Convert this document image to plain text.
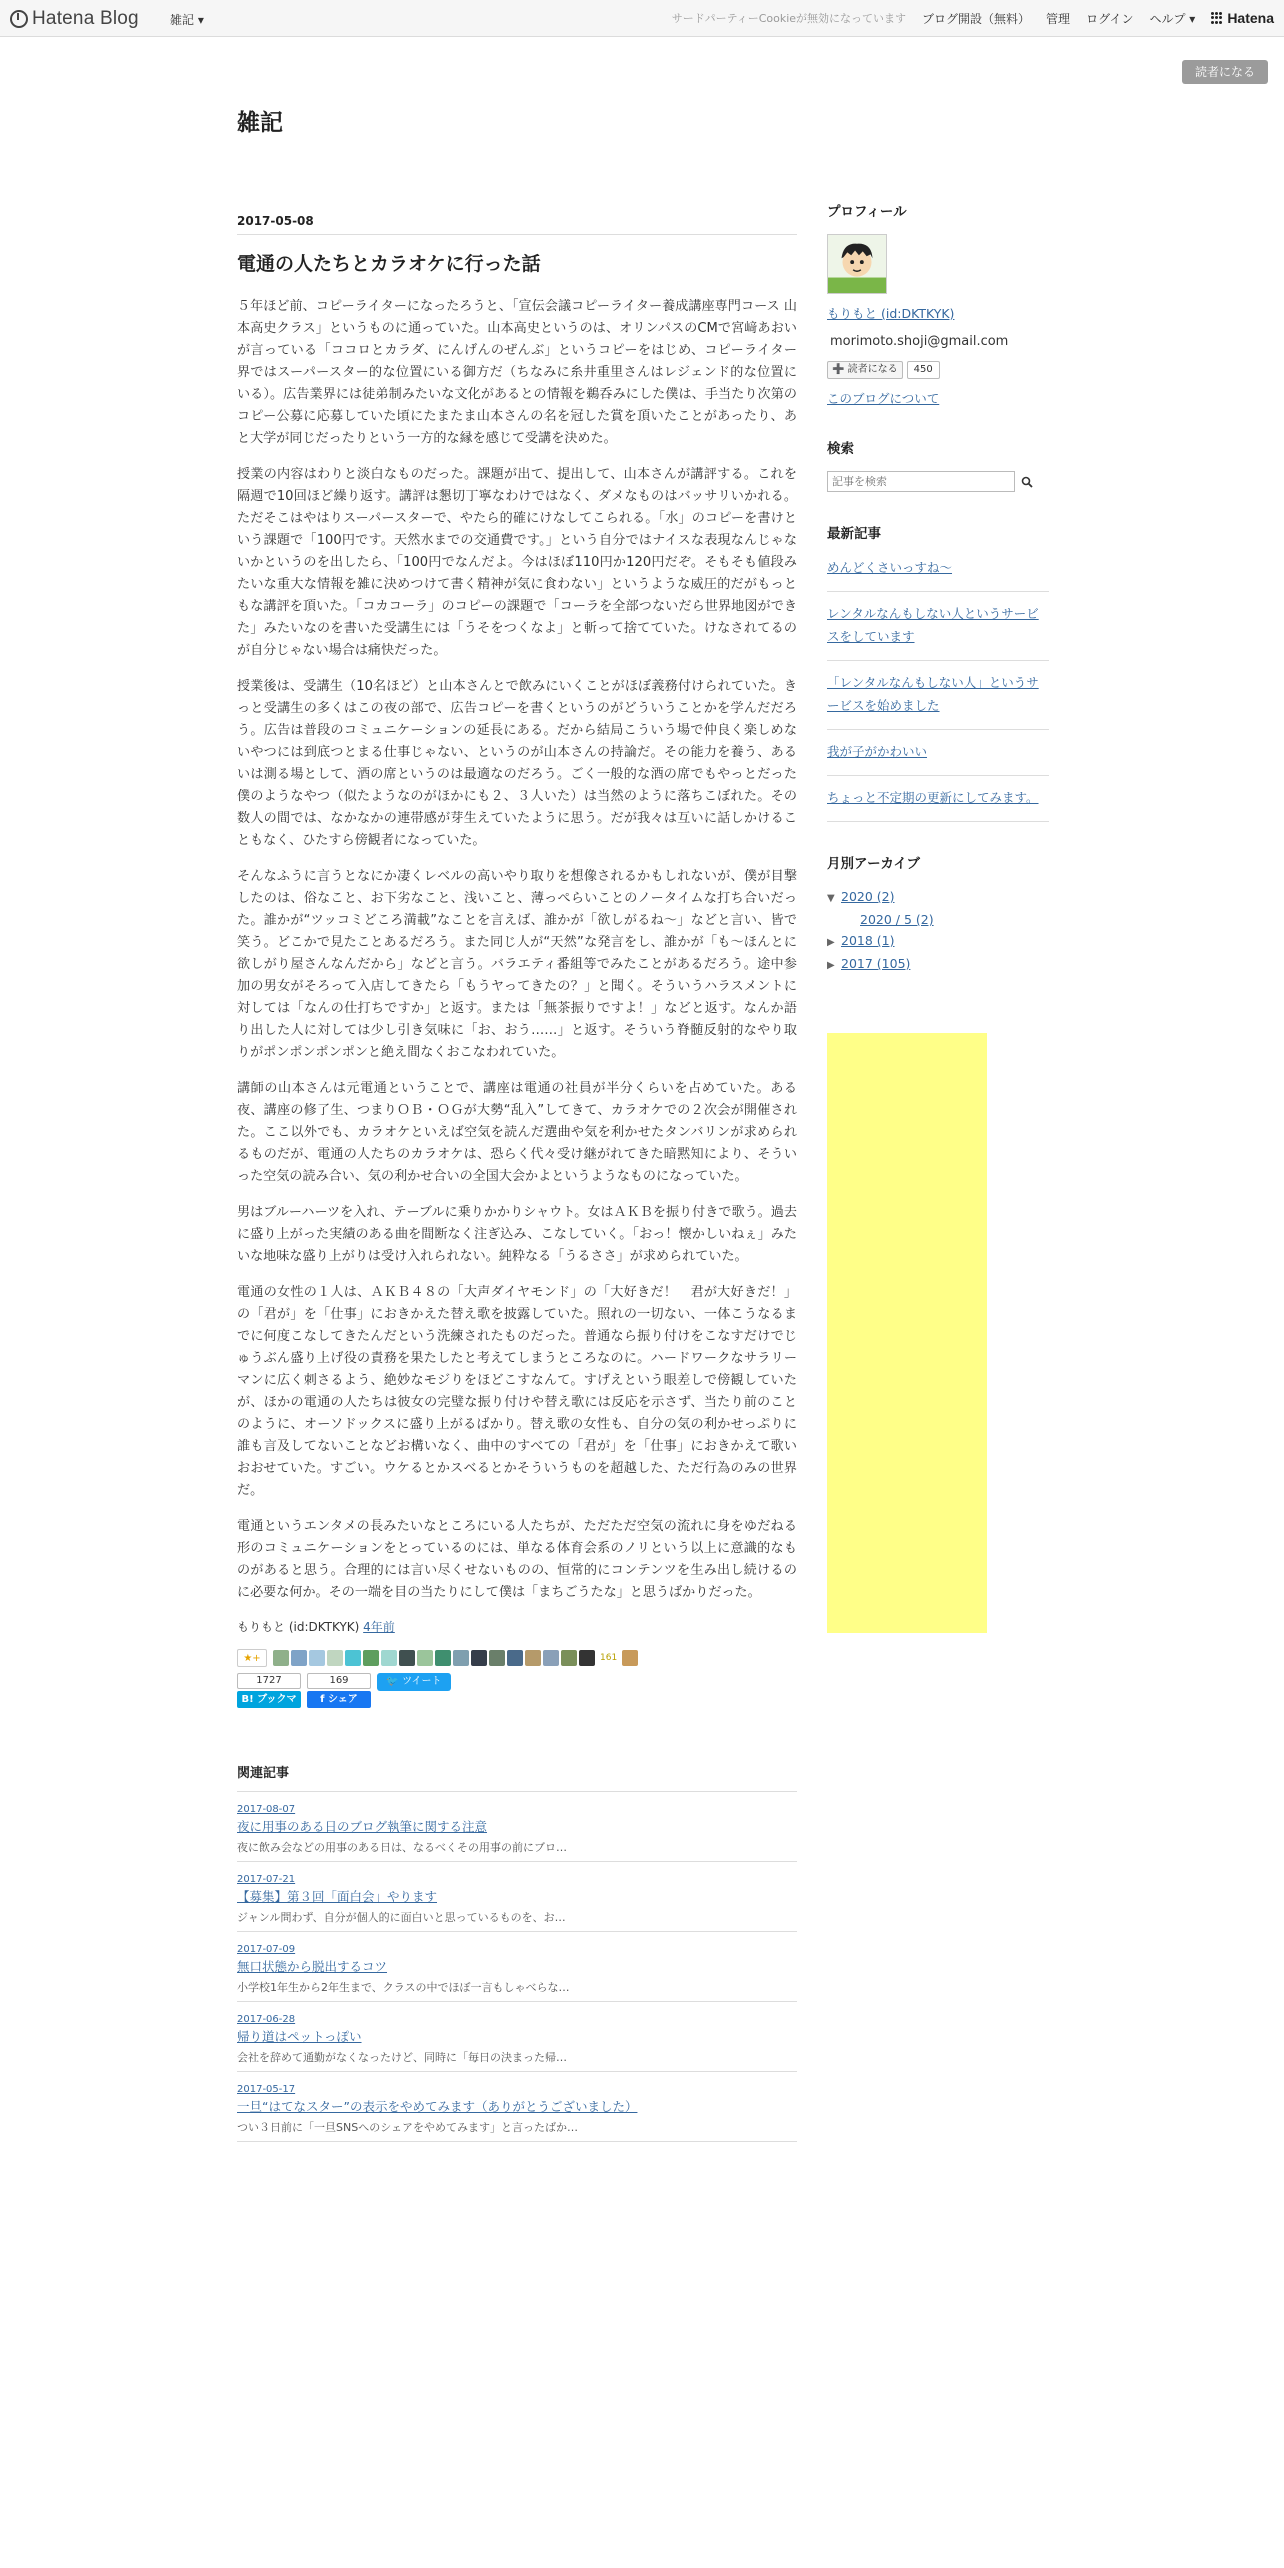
Hatena Blog	雑記 ▾	サードパーティーCookieが無効になっています ブログ開設（無料） 管理 ログイン ヘルプ ▾ Hatena
読者になる
雑記
2017-05-08
電通の人たちとカラオケに行った話

５年ほど前、コピーライターになったろうと、「宣伝会議コピーライター養成講座専門コース 山本高史クラス」というものに通っていた。山本高史というのは、オリンパスのCMで宮﨑あおいが言っている「ココロとカラダ、にんげんのぜんぶ」というコピーをはじめ、コピーライター界ではスーパースター的な位置にいる御方だ（ちなみに糸井重里さんはレジェンド的な位置にいる）。広告業界には徒弟制みたいな文化があるとの情報を鵜呑みにした僕は、手当たり次第のコピー公募に応募していた頃にたまたま山本さんの名を冠した賞を頂いたことがあったり、あと大学が同じだったりという一方的な縁を感じて受講を決めた。

授業の内容はわりと淡白なものだった。課題が出て、提出して、山本さんが講評する。これを隔週で10回ほど繰り返す。講評は懇切丁寧なわけではなく、ダメなものはバッサリいかれる。ただそこはやはりスーパースターで、やたら的確にけなしてこられる。「水」のコピーを書けという課題で「100円です。天然水までの交通費です。」という自分ではナイスな表現なんじゃないかというのを出したら、「100円でなんだよ。今はほぼ110円か120円だぞ。そもそも値段みたいな重大な情報を雑に決めつけて書く精神が気に食わない」というような威圧的だがもっともな講評を頂いた。「コカコーラ」のコピーの課題で「コーラを全部つないだら世界地図ができた」みたいなのを書いた受講生には「うそをつくなよ」と斬って捨てていた。けなされてるのが自分じゃない場合は痛快だった。

授業後は、受講生（10名ほど）と山本さんとで飲みにいくことがほぼ義務付けられていた。きっと受講生の多くはこの夜の部で、広告コピーを書くというのがどういうことかを学んだだろう。広告は普段のコミュニケーションの延長にある。だから結局こういう場で仲良く楽しめないやつには到底つとまる仕事じゃない、というのが山本さんの持論だ。その能力を養う、あるいは測る場として、酒の席というのは最適なのだろう。ごく一般的な酒の席でもやっとだった僕のようなやつ（似たようなのがほかにも２、３人いた）は当然のように落ちこぼれた。その数人の間では、なかなかの連帯感が芽生えていたように思う。だが我々は互いに話しかけることもなく、ひたすら傍観者になっていた。

そんなふうに言うとなにか凄くレベルの高いやり取りを想像されるかもしれないが、僕が目撃したのは、俗なこと、お下劣なこと、浅いこと、薄っぺらいことのノータイムな打ち合いだった。誰かが“ツッコミどころ満載”なことを言えば、誰かが「欲しがるね〜」などと言い、皆で笑う。どこかで見たことあるだろう。また同じ人が“天然”な発言をし、誰かが「も〜ほんとに欲しがり屋さんなんだから」などと言う。バラエティ番組等でみたことがあるだろう。途中参加の男女がそろって入店してきたら「もうヤってきたの？」と聞く。そういうハラスメントに対しては「なんの仕打ちですか」と返す。または「無茶振りですよ！」などと返す。なんか語り出した人に対しては少し引き気味に「お、おう……」と返す。そういう脊髄反射的なやり取りがポンポンポンポンと絶え間なくおこなわれていた。

講師の山本さんは元電通ということで、講座は電通の社員が半分くらいを占めていた。ある夜、講座の修了生、つまりＯＢ・ＯＧが大勢“乱入”してきて、カラオケでの２次会が開催された。ここ以外でも、カラオケといえば空気を読んだ選曲や気を利かせたタンバリンが求められるものだが、電通の人たちのカラオケは、恐らく代々受け継がれてきた暗黙知により、そういった空気の読み合い、気の利かせ合いの全国大会かよというようなものになっていた。

男はブルーハーツを入れ、テーブルに乗りかかりシャウト。女はＡＫＢを振り付きで歌う。過去に盛り上がった実績のある曲を間断なく注ぎ込み、こなしていく。「おっ！懐かしいねぇ」みたいな地味な盛り上がりは受け入れられない。純粋なる「うるささ」が求められていた。

電通の女性の１人は、ＡＫＢ４８の「大声ダイヤモンド」の「大好きだ！　君が大好きだ！」の「君が」を「仕事」におきかえた替え歌を披露していた。照れの一切ない、一体こうなるまでに何度こなしてきたんだという洗練されたものだった。普通なら振り付けをこなすだけでじゅうぶん盛り上げ役の責務を果たしたと考えてしまうところなのに。ハードワークなサラリーマンに広く刺さるよう、絶妙なモジりをほどこすなんて。すげえという眼差しで傍観していたが、ほかの電通の人たちは彼女の完璧な振り付けや替え歌には反応を示さず、当たり前のことのように、オーソドックスに盛り上がるばかり。替え歌の女性も、自分の気の利かせっぷりに誰も言及してないことなどお構いなく、曲中のすべての「君が」を「仕事」におきかえて歌いおおせていた。すごい。ウケるとかスベるとかそういうものを超越した、ただ行為のみの世界だ。

電通というエンタメの長みたいなところにいる人たちが、ただただ空気の流れに身をゆだねる形のコミュニケーションをとっているのには、単なる体育会系のノリという以上に意識的なものがあると思う。合理的には言い尽くせないものの、恒常的にコンテンツを生み出し続けるのに必要な何か。その一端を目の当たりにして僕は「まちごうたな」と思うばかりだった。

もりもと (id:DKTKYK) 4年前
★+	161
1727
B! ブックマーク
169
f シェア
🐦 ツイート
関連記事
2017-08-07
夜に用事のある日のブログ執筆に関する注意
夜に飲み会などの用事のある日は、なるべくその用事の前にブロ…
2017-07-21
【募集】第３回「面白会」やります
ジャンル問わず、自分が個人的に面白いと思っているものを、お…
2017-07-09
無口状態から脱出するコツ
小学校1年生から2年生まで、クラスの中でほぼ一言もしゃべらな…
2017-06-28
帰り道はペットっぽい
会社を辞めて通勤がなくなったけど、同時に「毎日の決まった帰…
2017-05-17
一旦“はてなスター”の表示をやめてみます（ありがとうございました）
つい３日前に「一旦SNSへのシェアをやめてみます」と言ったばか…
プロフィール
もりもと (id:DKTKYK)
morimoto.shoji@gmail.com
➕ 読者になる	450
このブログについて
検索
記事を検索
最新記事
めんどくさいっすね〜
レンタルなんもしない人というサービスをしています
「レンタルなんもしない人」というサービスを始めました
我が子がかわいい
ちょっと不定期の更新にしてみます。
月別アーカイブ
▼ 2020 (2)
2020 / 5 (2)
▶ 2018 (1)
▶ 2017 (105)
